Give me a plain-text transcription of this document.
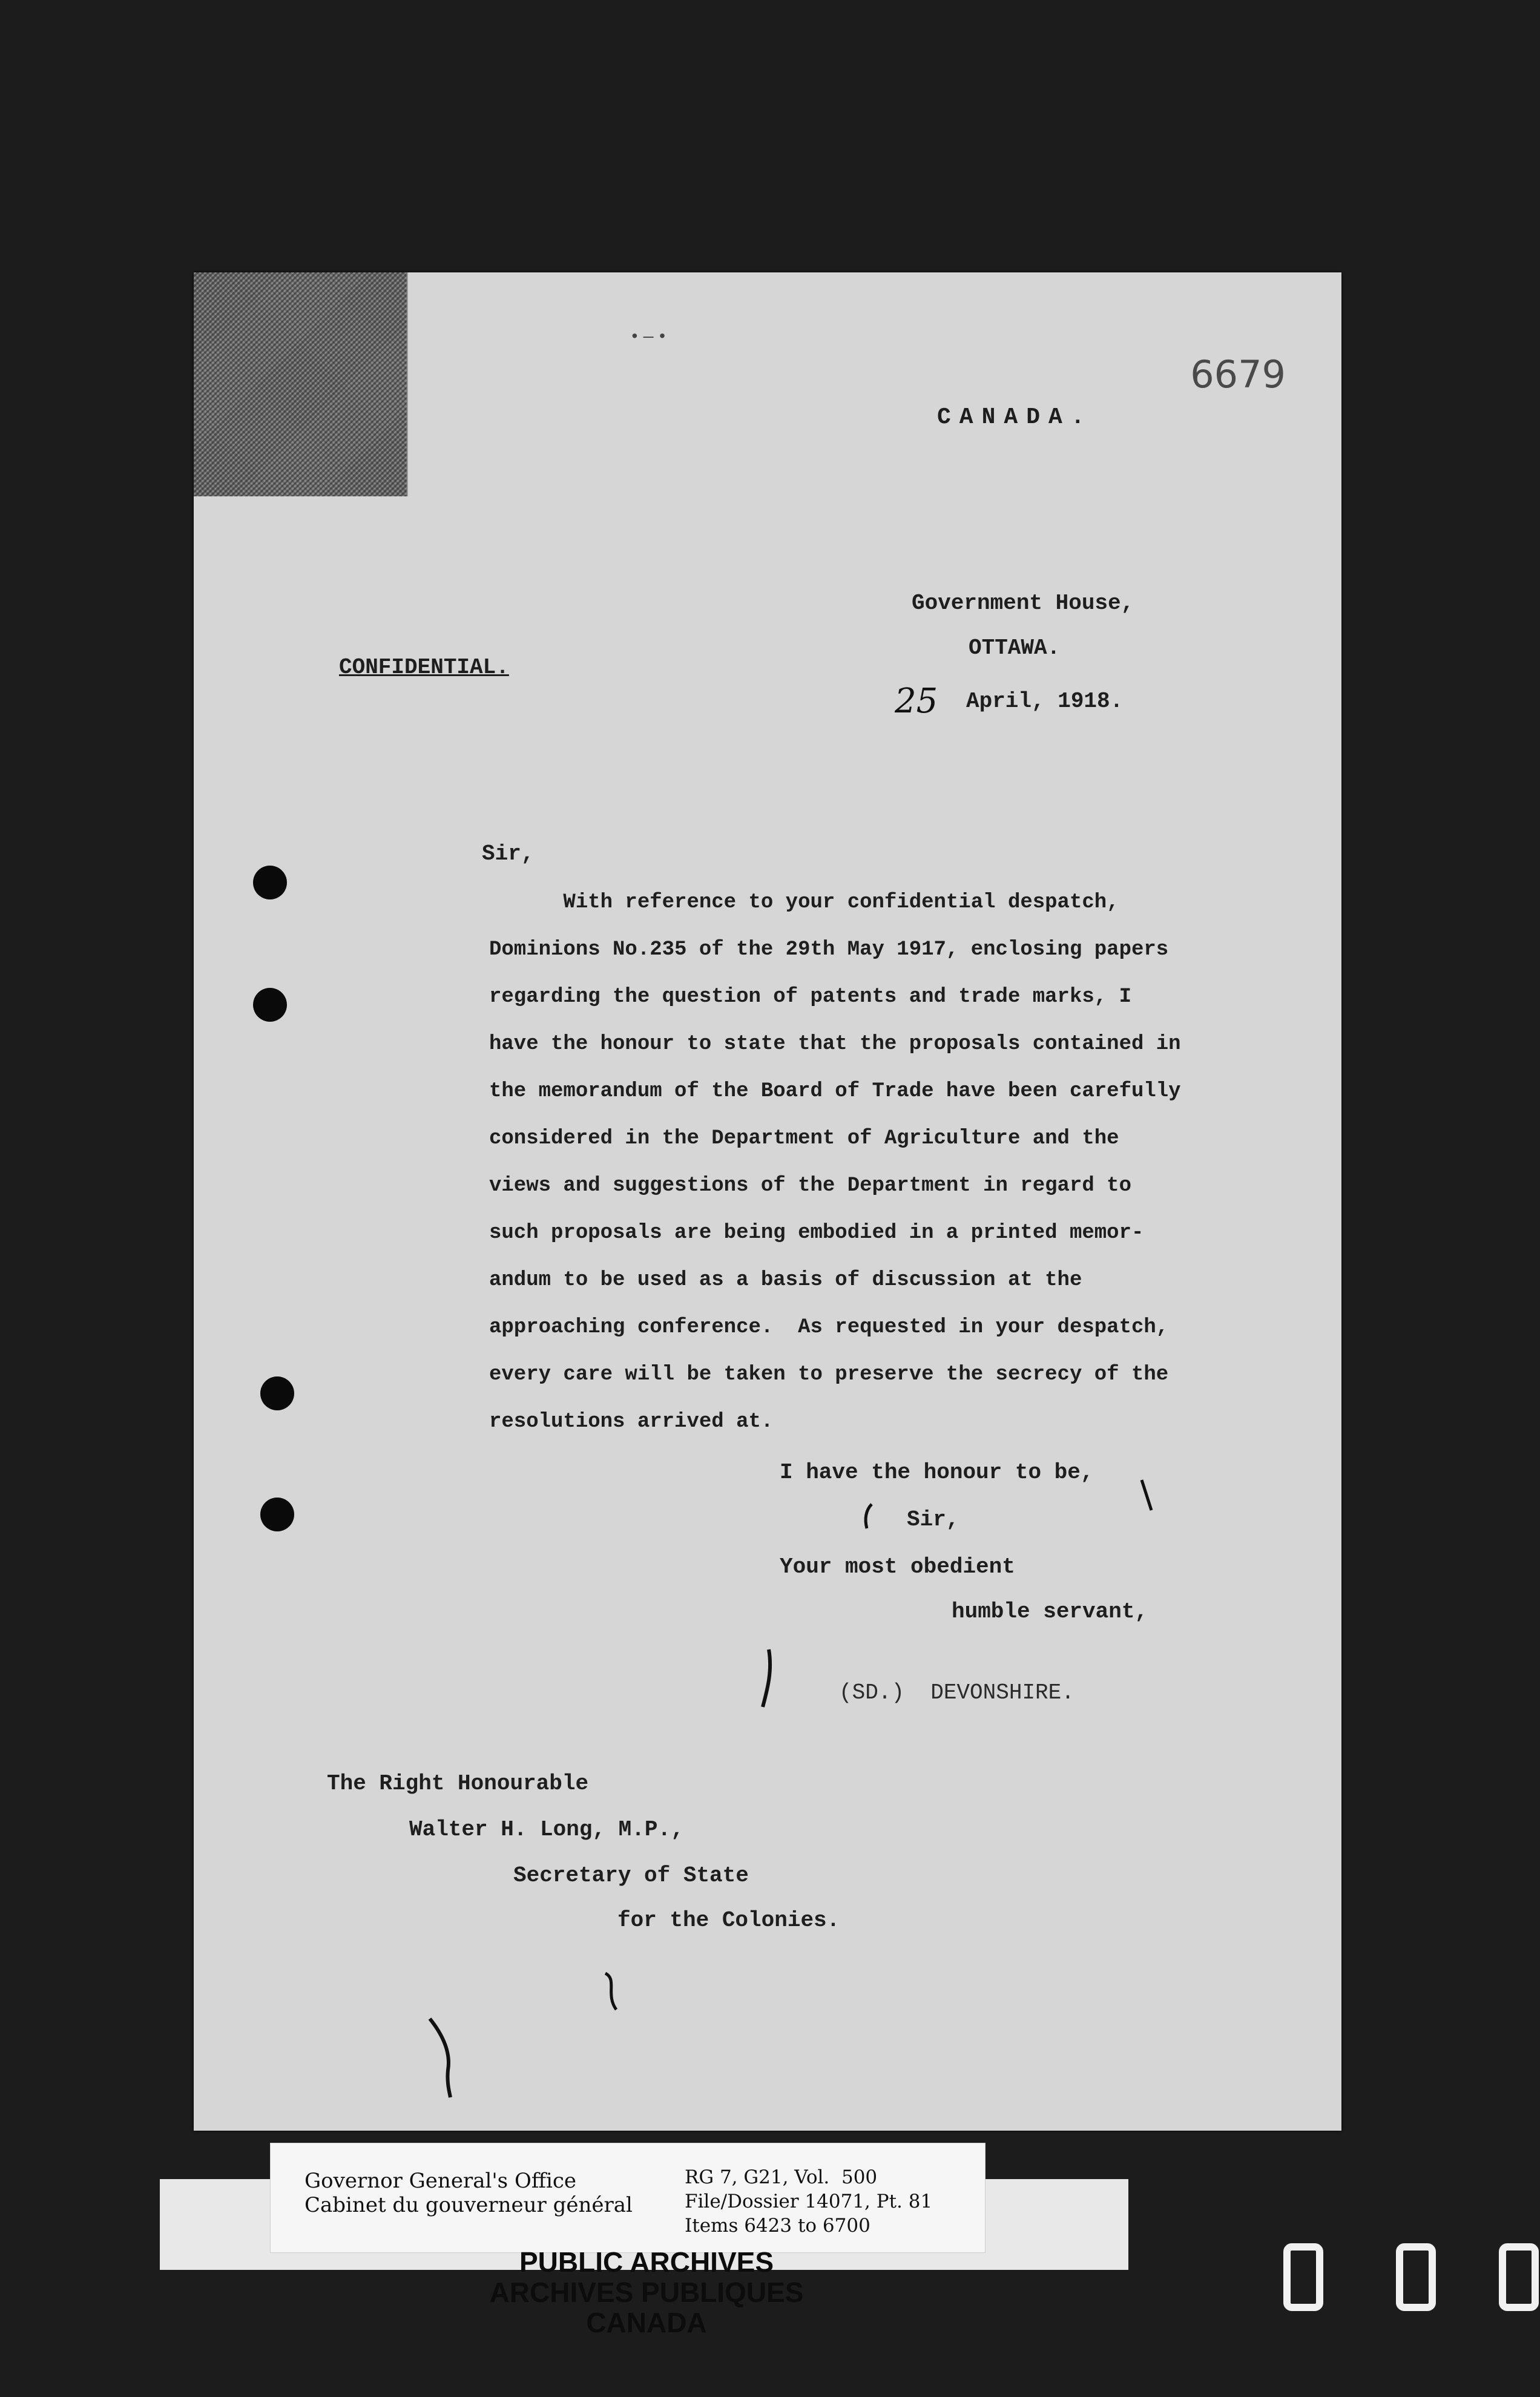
•—•
6679
CANADA.
Government House,
OTTAWA.
CONFIDENTIAL.
25 April, 1918.
Sir,
With reference to your confidential despatch,
Dominions No.235 of the 29th May 1917, enclosing papers
regarding the question of patents and trade marks, I
have the honour to state that the proposals contained in
the memorandum of the Board of Trade have been carefully
considered in the Department of Agriculture and the
views and suggestions of the Department in regard to
such proposals are being embodied in a printed memor-
andum to be used as a basis of discussion at the
approaching conference.  As requested in your despatch,
every care will be taken to preserve the secrecy of the
resolutions arrived at.
I have the honour to be,
Sir,
Your most obedient
humble servant,
(SD.)  DEVONSHIRE.
The Right Honourable
Walter H. Long, M.P.,
Secretary of State
for the Colonies.
Governor General's Office
Cabinet du gouverneur général
RG 7, G21, Vol.  500
File/Dossier 14071, Pt. 81
Items 6423 to 6700
PUBLIC ARCHIVES
ARCHIVES PUBLIQUES
CANADA
